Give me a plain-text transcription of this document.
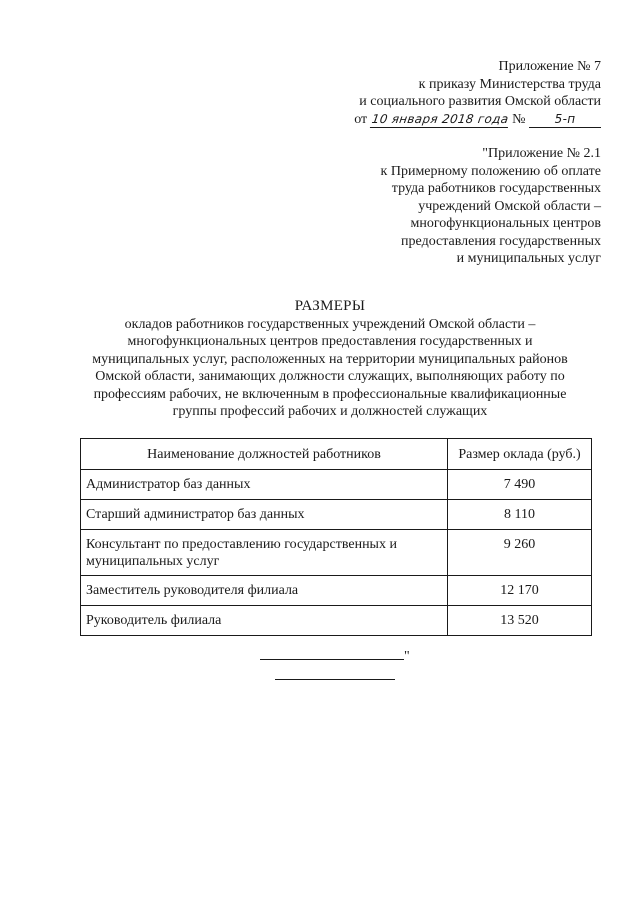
Приложение № 7
к приказу Министерства труда
и социального развития Омской области
от 10 января 2018 года № 5-п
"Приложение № 2.1
к Примерному положению об оплате
труда работников государственных
учреждений Омской области –
многофункциональных центров
предоставления государственных
и муниципальных услуг
РАЗМЕРЫ
окладов работников государственных учреждений Омской области –
многофункциональных центров предоставления государственных и
муниципальных услуг, расположенных на территории муниципальных районов
Омской области, занимающих должности служащих, выполняющих работу по
профессиям рабочих, не включенным в профессиональные квалификационные
группы профессий рабочих и должностей служащих
Наименование должностей работников	Размер оклада (руб.)
Администратор баз данных	7 490
Старший администратор баз данных	8 110
Консультант по предоставлению государственных и муниципальных услуг	9 260
Заместитель руководителя филиала	12 170
Руководитель филиала	13 520
"
